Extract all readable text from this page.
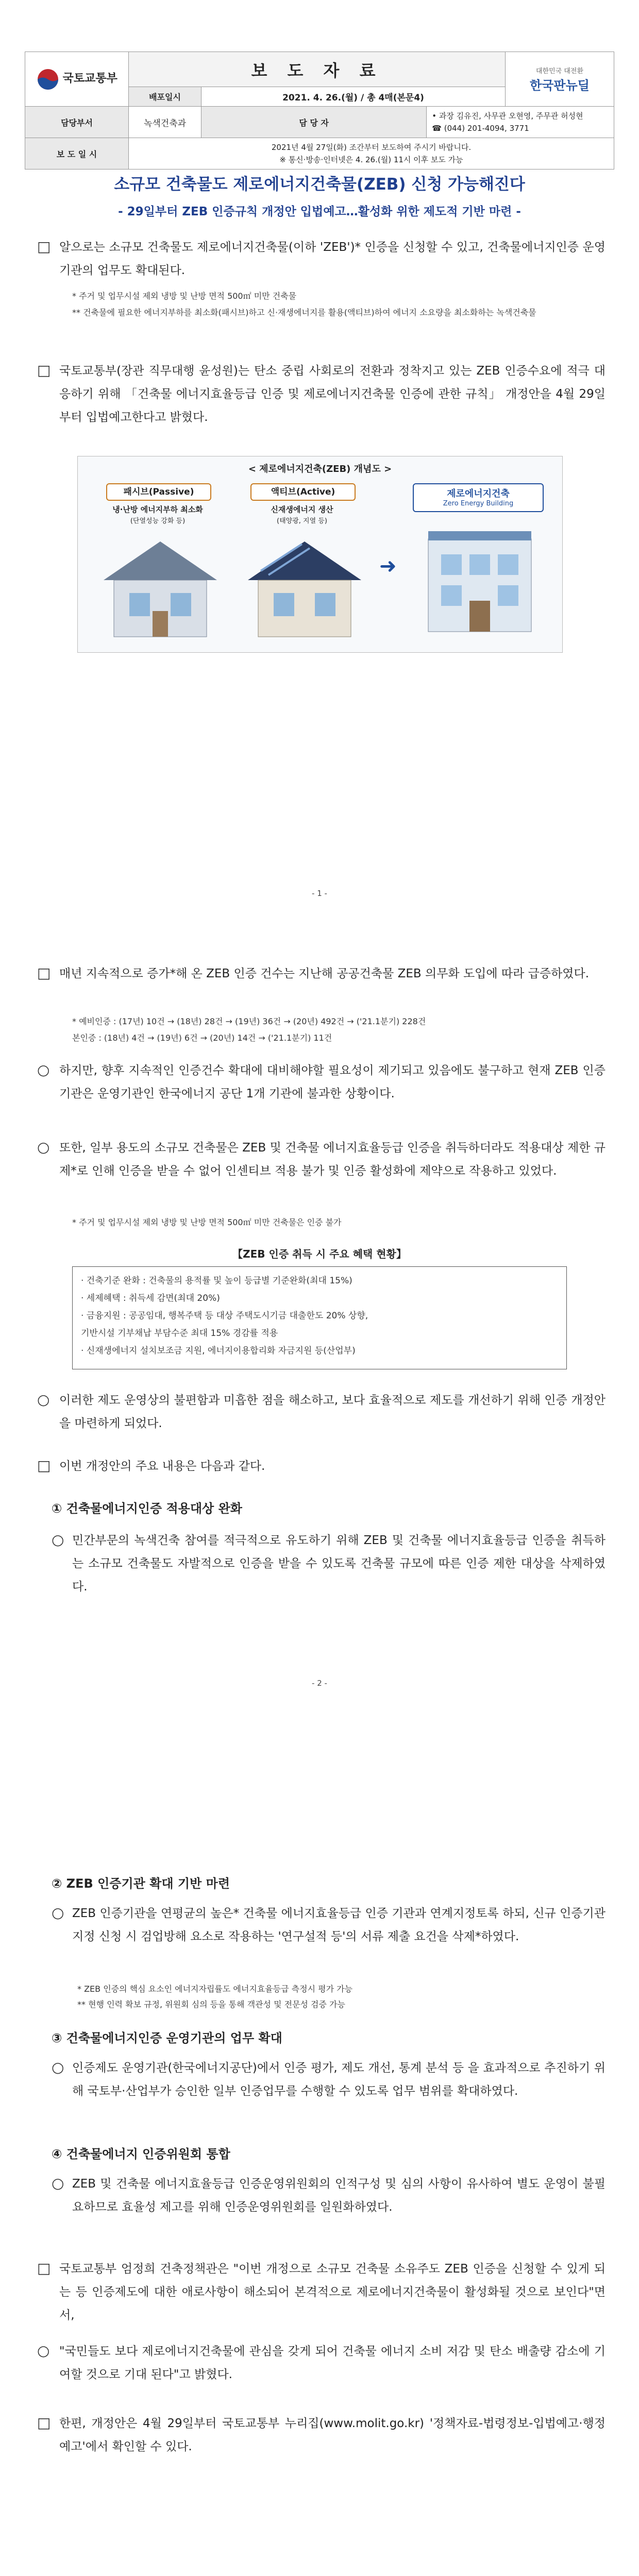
국토교통부	보 도 자 료			대한민국 대전환
한국판뉴딜

	배포일시	2021. 4. 26.(월) / 총 4매(본문4)		
담당부서	녹색건축과	담 당 자	• 과장 김유진, 사무관 오현영, 주무관 허성현
☎ (044) 201-4094, 3771	

보 도 일 시	2021년 4월 27일(화) 조간부터 보도하여 주시기 바랍니다.
※ 통신·방송·인터넷은 4. 26.(월) 11시 이후 보도 가능			
소규모 건축물도 제로에너지건축물(ZEB) 신청 가능해진다
- 29일부터 ZEB 인증규칙 개정안 입법예고…활성화 위한 제도적 기반 마련 -
□ 알으로는 소규모 건축물도 제로에너지건축물(이하 'ZEB')* 인증을 신청할 수 있고, 건축물에너지인증 운영기관의 업무도 확대된다.
* 주거 및 업무시설 제외 냉방 및 난방 면적 500㎡ 미만 건축물
** 건축물에 필요한 에너지부하를 최소화(패시브)하고 신·재생에너지를 활용(액티브)하여 에너지 소요량을 최소화하는 녹색건축물
□ 국토교통부(장관 직무대행 윤성원)는 탄소 중립 사회로의 전환과 정착지고 있는 ZEB 인증수요에 적극 대응하기 위해 「건축물 에너지효율등급 인증 및 제로에너지건축물 인증에 관한 규칙」 개정안을 4월 29일부터 입법예고한다고 밝혔다.
< 제로에너지건축(ZEB) 개념도 >
패시브(Passive)	액티브(Active)
냉·난방 에너지부하 최소화
(단열성능 강화 등)
신재생에너지 생산
(태양광, 지열 등)
➜
제로에너지건축
Zero Energy Building
- 1 -
□ 매년 지속적으로 증가*해 온 ZEB 인증 건수는 지난해 공공건축물 ZEB 의무화 도입에 따라 급증하였다.
* 예비인증 : (17년) 10건 → (18년) 28건 → (19년) 36건 → (20년) 492건 → ('21.1분기) 228건
본인증 : (18년) 4건 → (19년) 6건 → (20년) 14건 → ('21.1분기) 11건
○ 하지만, 향후 지속적인 인증건수 확대에 대비해야할 필요성이 제기되고 있음에도 불구하고 현재 ZEB 인증기관은 운영기관인 한국에너지 공단 1개 기관에 불과한 상황이다.
○ 또한, 일부 용도의 소규모 건축물은 ZEB 및 건축물 에너지효율등급 인증을 취득하더라도 적용대상 제한 규제*로 인해 인증을 받을 수 없어 인센티브 적용 불가 및 인증 활성화에 제약으로 작용하고 있었다.
* 주거 및 업무시설 제외 냉방 및 난방 면적 500㎡ 미만 건축물은 인증 불가
【ZEB 인증 취득 시 주요 혜택 현황】
· 건축기준 완화 : 건축물의 용적률 및 높이 등급별 기준완화(최대 15%)
· 세제혜택 : 취득세 감면(최대 20%)
· 금융지원 : 공공임대, 행복주택 등 대상 주택도시기금 대출한도 20% 상향,
기반시설 기부채납 부담수준 최대 15% 경감률 적용
· 신재생에너지 설치보조금 지원, 에너지이용합리화 자금지원 등(산업부)
○ 이러한 제도 운영상의 불편함과 미흡한 점을 해소하고, 보다 효율적으로 제도를 개선하기 위해 인증 개정안을 마련하게 되었다.
□ 이번 개정안의 주요 내용은 다음과 같다.
① 건축물에너지인증 적용대상 완화
○ 민간부문의 녹색건축 참여를 적극적으로 유도하기 위해 ZEB 및 건축물 에너지효율등급 인증을 취득하는 소규모 건축물도 자발적으로 인증을 받을 수 있도록 건축물 규모에 따른 인증 제한 대상을 삭제하였다.
- 2 -
② ZEB 인증기관 확대 기반 마련
○ ZEB 인증기관을 연평균의 높은* 건축물 에너지효율등급 인증 기관과 연계지정토록 하되, 신규 인증기관 지정 신청 시 검업방해 요소로 작용하는 '연구설적 등'의 서류 제출 요건을 삭제*하였다.
* ZEB 인증의 핵심 요소인 에너지자립률도 에너지효율등급 측정시 평가 가능
** 현행 인력 확보 규정, 위원회 심의 등을 통해 객관성 및 전문성 검증 가능
③ 건축물에너지인증 운영기관의 업무 확대
○ 인증제도 운영기관(한국에너지공단)에서 인증 평가, 제도 개선, 통계 분석 등 을 효과적으로 추진하기 위해 국토부·산업부가 승인한 일부 인증업무를 수행할 수 있도록 업무 범위를 확대하였다.
④ 건축물에너지 인증위원회 통합
○ ZEB 및 건축물 에너지효율등급 인증운영위원회의 인적구성 및 심의 사항이 유사하여 별도 운영이 불필요하므로 효율성 제고를 위해 인증운영위원회를 일원화하였다.
□ 국토교통부 엄정희 건축정책관은 "이번 개정으로 소규모 건축물 소유주도 ZEB 인증을 신청할 수 있게 되는 등 인증제도에 대한 애로사항이 해소되어 본격적으로 제로에너지건축물이 활성화될 것으로 보인다"면서,
○ "국민들도 보다 제로에너지건축물에 관심을 갖게 되어 건축물 에너지 소비 저감 및 탄소 배출량 감소에 기여할 것으로 기대 된다"고 밝혔다.
□ 한편, 개정안은 4월 29일부터 국토교통부 누리집(www.molit.go.kr) '정책자료-법령정보-입법예고·행정예고'에서 확인할 수 있다.
